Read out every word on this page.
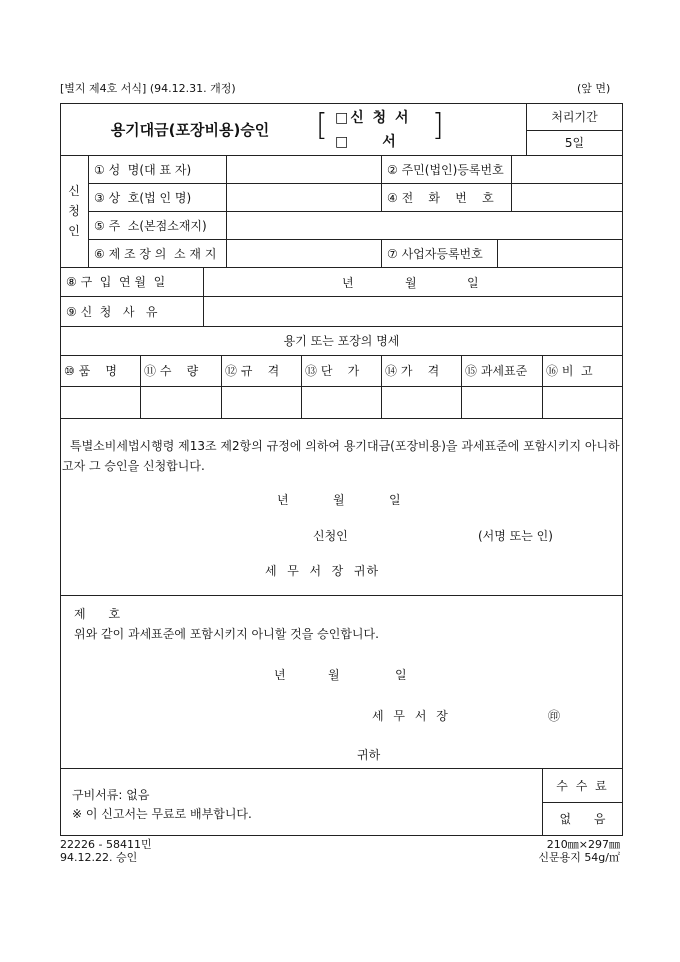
[별지 제4호 서식] (94.12.31. 개정)	(앞 면)
용기대금(포장비용)승인	[ □신 청 서
□　　서 ]	처리기간
5일
신
청
인
① 성  명(대 표 자)	② 주민(법인)등록번호
③ 상  호(법 인 명)	④ 전    화    번    호
⑤ 주  소(본점소재지)
⑥ 제 조 장 의  소 재 지	⑦ 사업자등록번호
⑧ 구  입  연 월  일	년	월	일
⑨ 신  청   사   유
용기 또는 포장의 명세
⑩ 품    명	⑪ 수    량	⑫ 규    격	⑬ 단    가	⑭ 가    격	⑮ 과세표준	⑯ 비  고
특별소비세법시행령 제13조 제2항의 규정에 의하여 용기대금(포장비용)을 과세표준에 포함시키지 아니하고자 그 승인을 신청합니다.
년	월	일
신청인	(서명 또는 인)
세  무  서  장  귀하
제      호
위와 같이 과세표준에 포함시키지 아니할 것을 승인합니다.
년	월	일
세 무 서 장	㊞
귀하
구비서류: 없음
※ 이 신고서는 무료로 배부합니다.
수 수 료
없      음
22226 - 58411민
94.12.22. 승인
210㎜×297㎜
신문용지 54g/㎡
